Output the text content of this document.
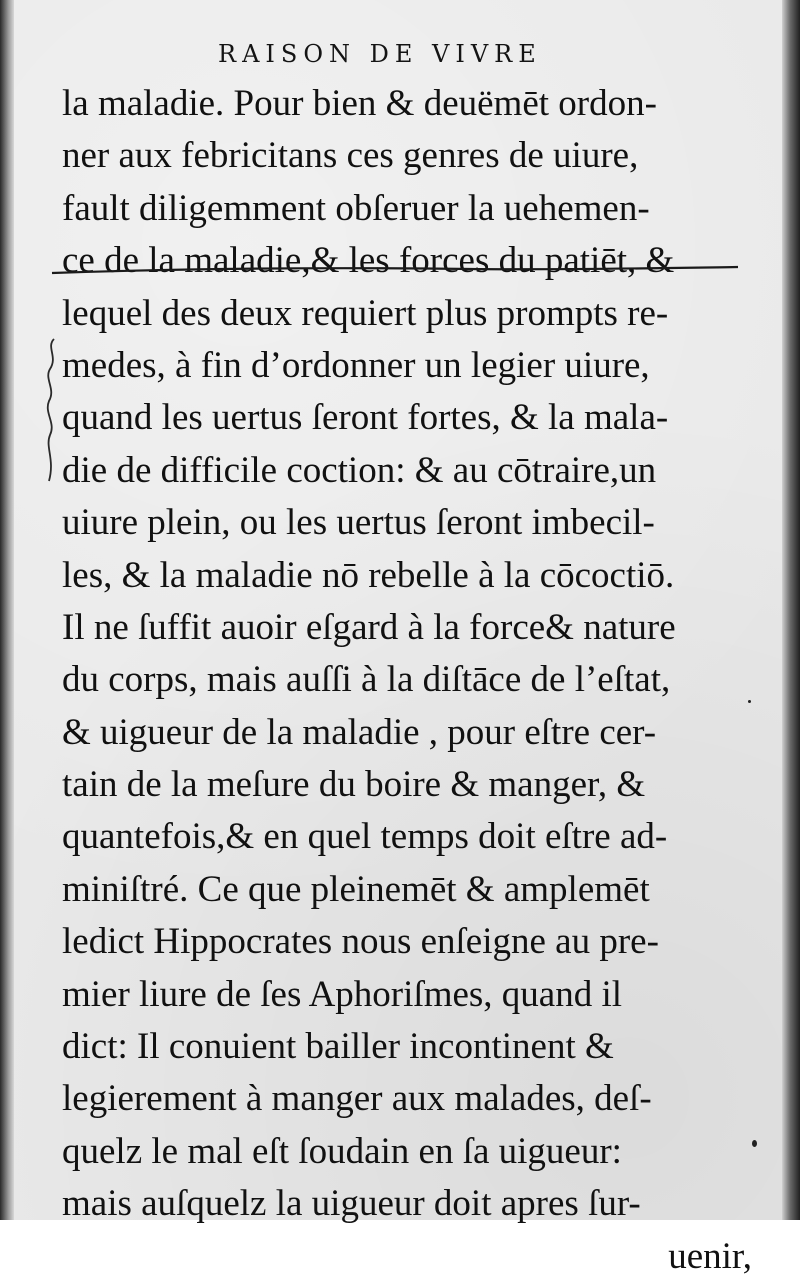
RAISON DE VIVRE
la maladie. Pour bien & deuëmēt ordon-
ner aux febricitans ces genres de uiure,
fault diligemment obſeruer la uehemen-
ce de la maladie,& les forces du patiēt, &
lequel des deux requiert plus prompts re-
medes, à fin d’ordonner un legier uiure,
quand les uertus ſeront fortes, & la mala-
die de difficile coction: & au cōtraire,un
uiure plein, ou les uertus ſeront imbecil-
les, & la maladie nō rebelle à la cōcoctiō.
Il ne ſuffit auoir eſgard à la force& nature
du corps, mais auſſi à la diſtāce de l’eſtat,
& uigueur de la maladie , pour eſtre cer-
tain de la meſure du boire & manger, &
quantefois,& en quel temps doit eſtre ad-
miniſtré. Ce que pleinemēt & amplemēt
ledict Hippocrates nous enſeigne au pre-
mier liure de ſes Aphoriſmes, quand il
dict: Il conuient bailler incontinent &
legierement à manger aux malades, deſ-
quelz le mal eſt ſoudain en ſa uigueur:
mais auſquelz la uigueur doit apres ſur-
uenir,
